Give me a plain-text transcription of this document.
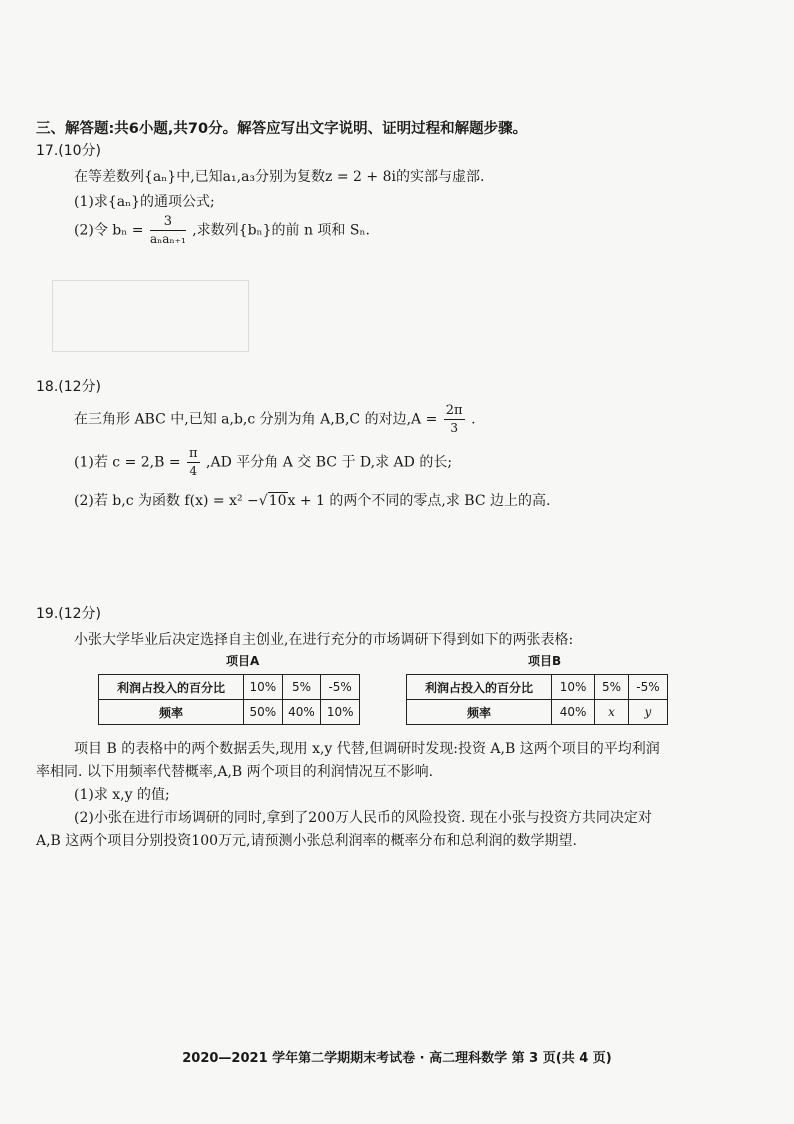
三、解答题:共6小题,共70分。解答应写出文字说明、证明过程和解题步骤。
17.(10分)
在等差数列{aₙ}中,已知a₁,a₃分别为复数z = 2 + 8i的实部与虚部.
(1)求{aₙ}的通项公式;
(2)令 $b_n = \frac{3}{\text{aₙaₙ₊₁}}$ ,求数列{bₙ}的前 n 项和 Sₙ.
18.(12分)
在三角形 ABC 中,已知 a,b,c 分别为角 A,B,C 的对边$,A = \frac{2\pi}{3}$ .
(1)若 $c = 2,B = \frac{\pi}{4} ,AD$ 平分角 A 交 BC 于 D,求 AD 的长;
(2)若 b,c 为函数 f(x) = x² −√10x + 1 的两个不同的零点,求 BC 边上的高.
19.(12分)
小张大学毕业后决定选择自主创业,在进行充分的市场调研下得到如下的两张表格:
项目A
利润占投入的百分比	10%	5%	-5%
频率	50%	40%	10%
项目B
利润占投入的百分比	10%	5%	-5%
频率	40%	x	y
项目 B 的表格中的两个数据丢失,现用 x,y 代替,但调研时发现:投资 A,B 这两个项目的平均利润
率相同. 以下用频率代替概率,A,B 两个项目的利润情况互不影响.
(1)求 x,y 的值;
(2)小张在进行市场调研的同时,拿到了200万人民币的风险投资. 现在小张与投资方共同决定对
A,B 这两个项目分别投资100万元,请预测小张总利润率的概率分布和总利润的数学期望.
2020—2021 学年第二学期期末考试卷 · 高二理科数学 第 3 页(共 4 页)
